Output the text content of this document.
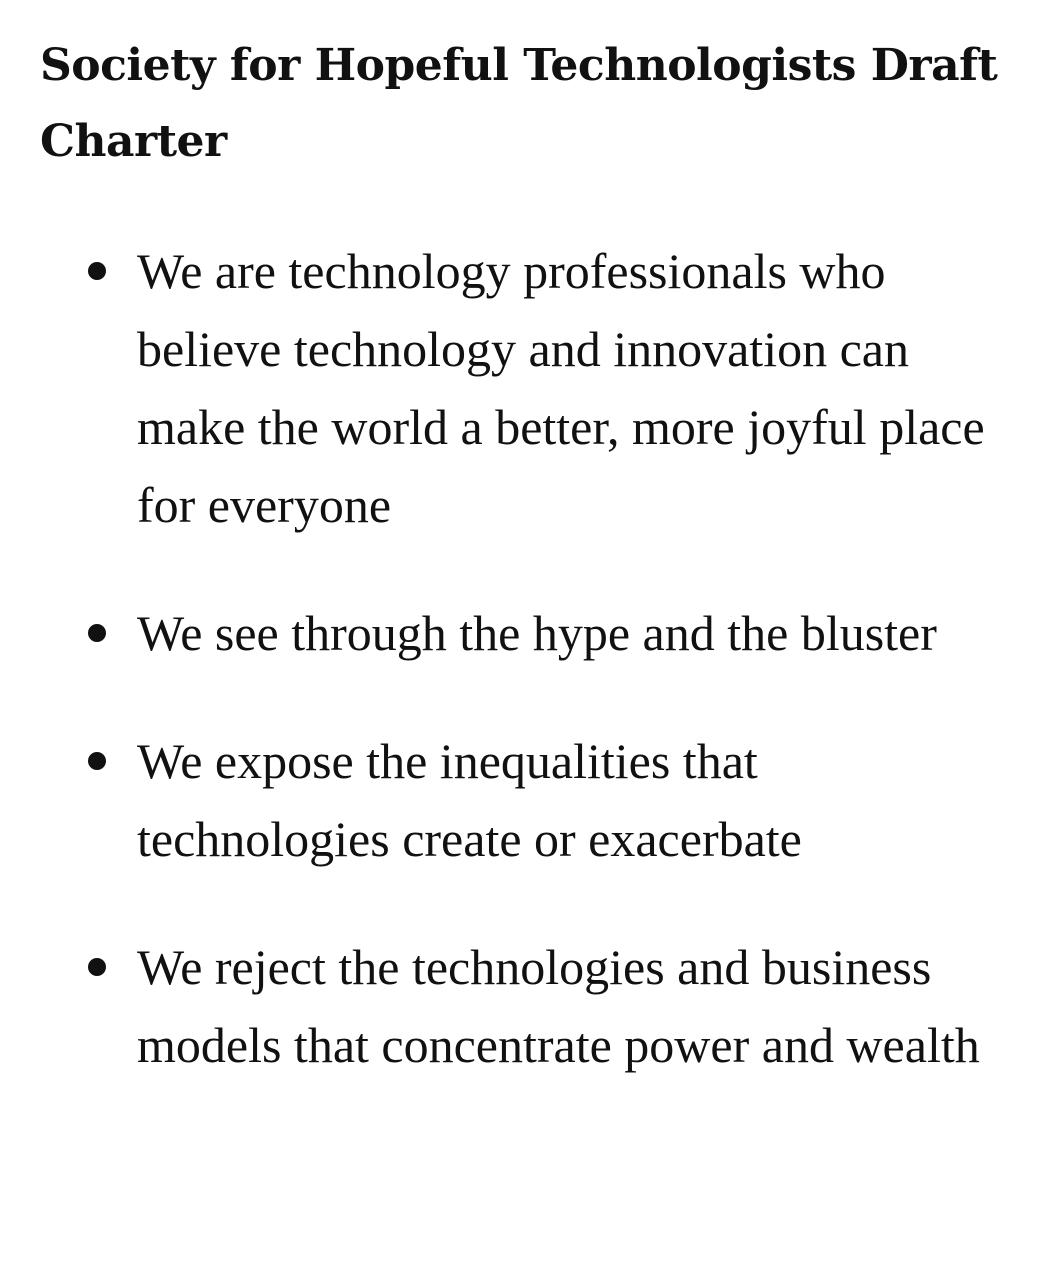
Society for Hopeful Technologists Draft Charter
We are technology professionals who believe technology and innovation can make the world a better, more joyful place for everyone
We see through the hype and the bluster
We expose the inequalities that technologies create or exacerbate
We reject the technologies and business models that concentrate power and wealth
